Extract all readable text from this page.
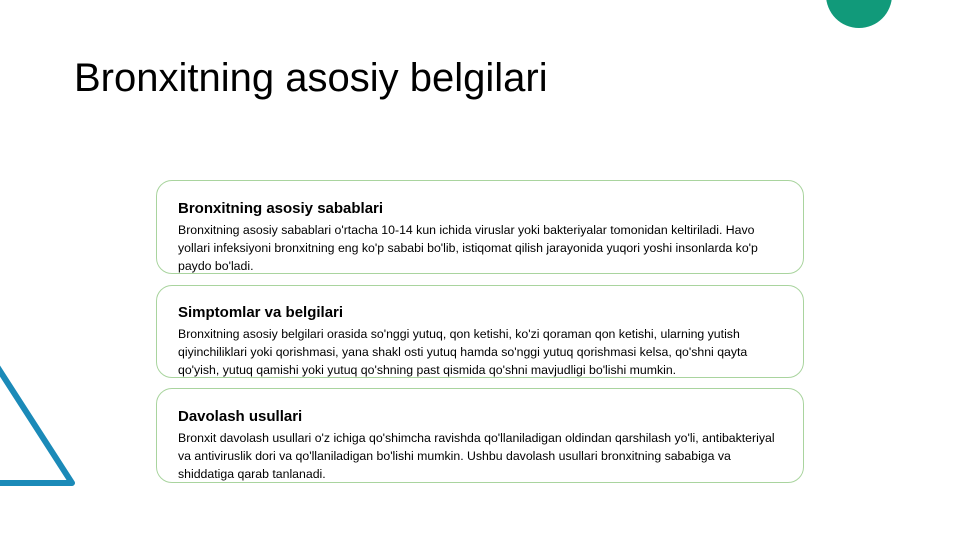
Bronxitning asosiy belgilari
Bronxitning asosiy sabablari

Bronxitning asosiy sabablari o'rtacha 10-14 kun ichida viruslar yoki bakteriyalar tomonidan keltiriladi. Havo yollari infeksiyoni bronxitning eng ko'p sababi bo'lib, istiqomat qilish jarayonida yuqori yoshi insonlarda ko'p paydo bo'ladi.

Simptomlar va belgilari

Bronxitning asosiy belgilari orasida so'nggi yutuq, qon ketishi, ko'zi qoraman qon ketishi, ularning yutish qiyinchiliklari yoki qorishmasi, yana shakl osti yutuq hamda so'nggi yutuq qorishmasi kelsa, qo'shni qayta qo'yish, yutuq qamishi yoki yutuq qo'shning past qismida qo'shni mavjudligi bo'lishi mumkin.

Davolash usullari

Bronxit davolash usullari o'z ichiga qo'shimcha ravishda qo'llaniladigan oldindan qarshilash yo'li, antibakteriyal va antiviruslik dori va qo'llaniladigan bo'lishi mumkin. Ushbu davolash usullari bronxitning sababiga va shiddatiga qarab tanlanadi.
